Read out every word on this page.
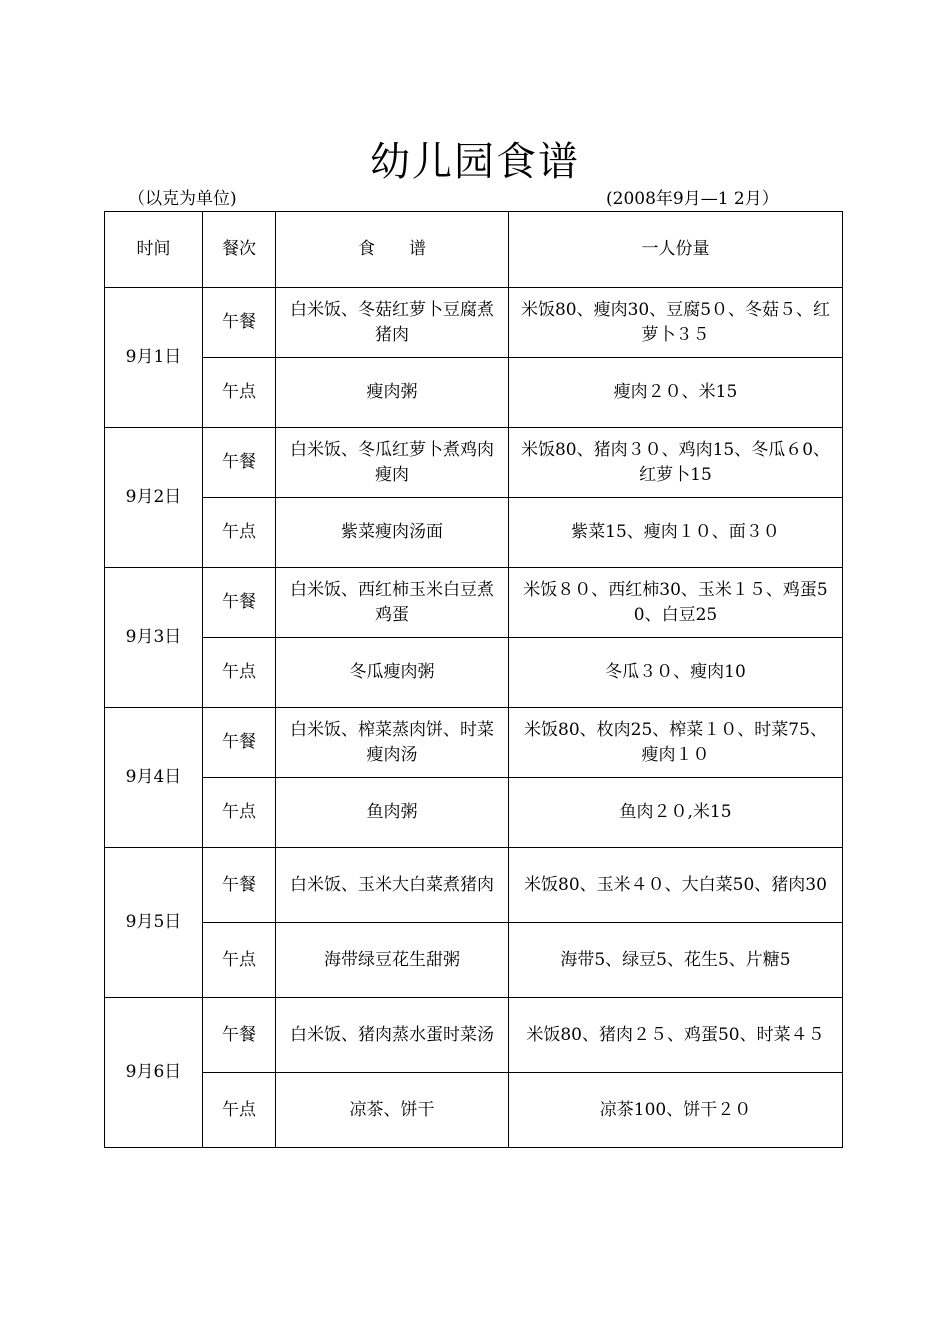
幼儿园食谱
（以克为单位)	(2008年9月—1 2月）
时间	餐次	食　　谱	一人份量
9月1日	午餐	白米饭、冬菇红萝卜豆腐煮猪肉	米饭80、瘦肉30、豆腐5０、冬菇５、红萝卜３５
	午点	瘦肉粥	瘦肉２０、米15
9月2日	午餐	白米饭、冬瓜红萝卜煮鸡肉瘦肉	米饭80、猪肉３０、鸡肉15、冬瓜６0、红萝卜15
	午点	紫菜瘦肉汤面	紫菜15、瘦肉１０、面３０
9月3日	午餐	白米饭、西红柿玉米白豆煮鸡蛋	米饭８０、西红柿30、玉米１５、鸡蛋50、白豆25
	午点	冬瓜瘦肉粥	冬瓜３０、瘦肉10
9月4日	午餐	白米饭、榨菜蒸肉饼、时菜瘦肉汤	米饭80、枚肉25、榨菜１０、时菜75、瘦肉１０
	午点	鱼肉粥	鱼肉２０,米15
9月5日	午餐	白米饭、玉米大白菜煮猪肉	米饭80、玉米４０、大白菜50、猪肉30
	午点	海带绿豆花生甜粥	海带5、绿豆5、花生5、片糖5
9月6日	午餐	白米饭、猪肉蒸水蛋时菜汤	米饭80、猪肉２５、鸡蛋50、时菜４５
	午点	凉茶、饼干	凉茶100、饼干２０
